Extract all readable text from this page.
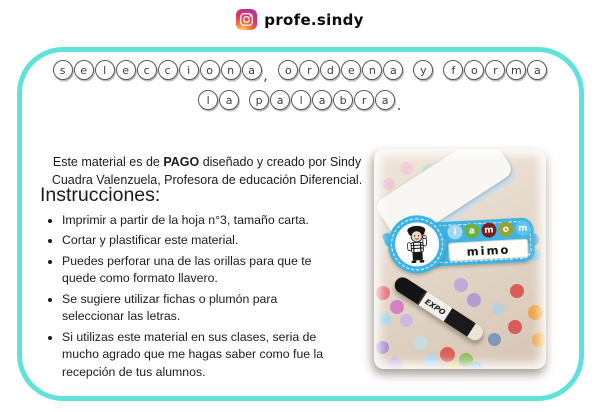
profe.sindy
s	e	l	e	c	c	i	o	n	a ,	o	r	d	e	n	a	y	f	o	r	m	a
l	a	p	a	l	a	b	r	a .

Este material es de PAGO diseñado y creado por Sindy Cuadra Valenzuela, Profesora de educación Diferencial.

Instrucciones:
• Imprimir a partir de la hoja n°3, tamaño carta.
• Cortar y plastificar este material.
• Puedes perforar una de las orillas para que te
quede como formato llavero.
• Se sugiere utilizar fichas o plumón para
seleccionar las letras.
• Si utilizas este material en sus clases, seria de
mucho agrado que me hagas saber como fue la
recepción de tus alumnos.
i	a m o m
mimo
EXPO
